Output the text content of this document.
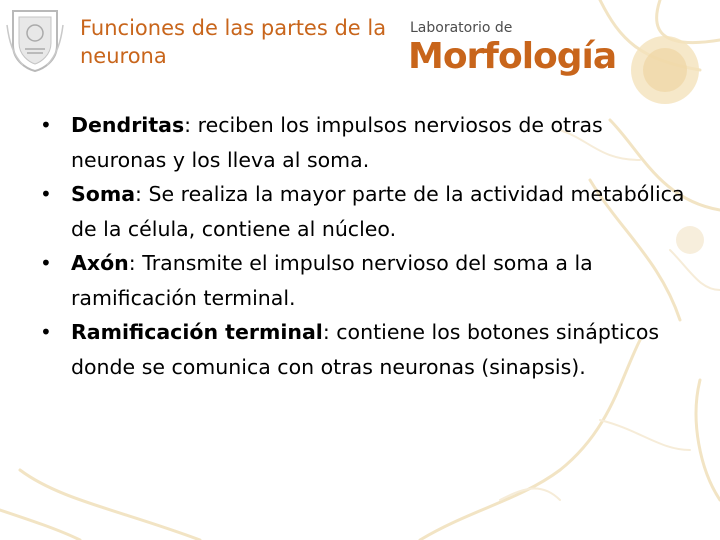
Funciones de las partes de la neurona
Laboratorio de
Morfología
• Dendritas: reciben los impulsos nerviosos de otras neuronas y los lleva al soma.
• Soma: Se realiza la mayor parte de la actividad metabólica de la célula, contiene al núcleo.
• Axón: Transmite el impulso nervioso del soma a la ramificación terminal.
• Ramificación terminal: contiene los botones sinápticos donde se comunica con otras neuronas (sinapsis).
